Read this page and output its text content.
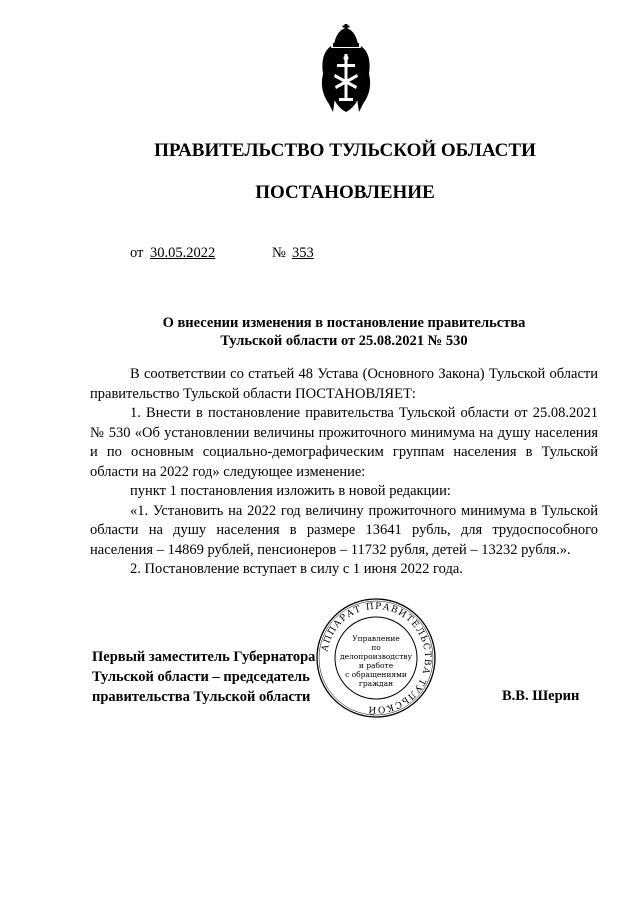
ПРАВИТЕЛЬСТВО ТУЛЬСКОЙ ОБЛАСТИ
ПОСТАНОВЛЕНИЕ
от 30.05.2022	№ 353
О внесении изменения в постановление правительства
Тульской области от 25.08.2021 № 530

В соответствии со статьей 48 Устава (Основного Закона) Тульской области правительство Тульской области ПОСТАНОВЛЯЕТ:

1. Внести в постановление правительства Тульской области от 25.08.2021 № 530 «Об установлении величины прожиточного минимума на душу населения и по основным социально-демографическим группам населения в Тульской области на 2022 год» следующее изменение:

пункт 1 постановления изложить в новой редакции:

«1. Установить на 2022 год величину прожиточного минимума в Тульской области на душу населения в размере 13641 рубль, для трудоспособного населения – 14869 рублей, пенсионеров – 11732 рубля, детей – 13232 рубля.».

2. Постановление вступает в силу с 1 июня 2022 года.

Первый заместитель Губернатора
Тульской области – председатель
правительства Тульской области	В.В. Шерин
АППАРАТ ПРАВИТЕЛЬСТВА ТУЛЬСКОЙ
Управление
по делопроизводству
и работе
с обращениями
граждан
